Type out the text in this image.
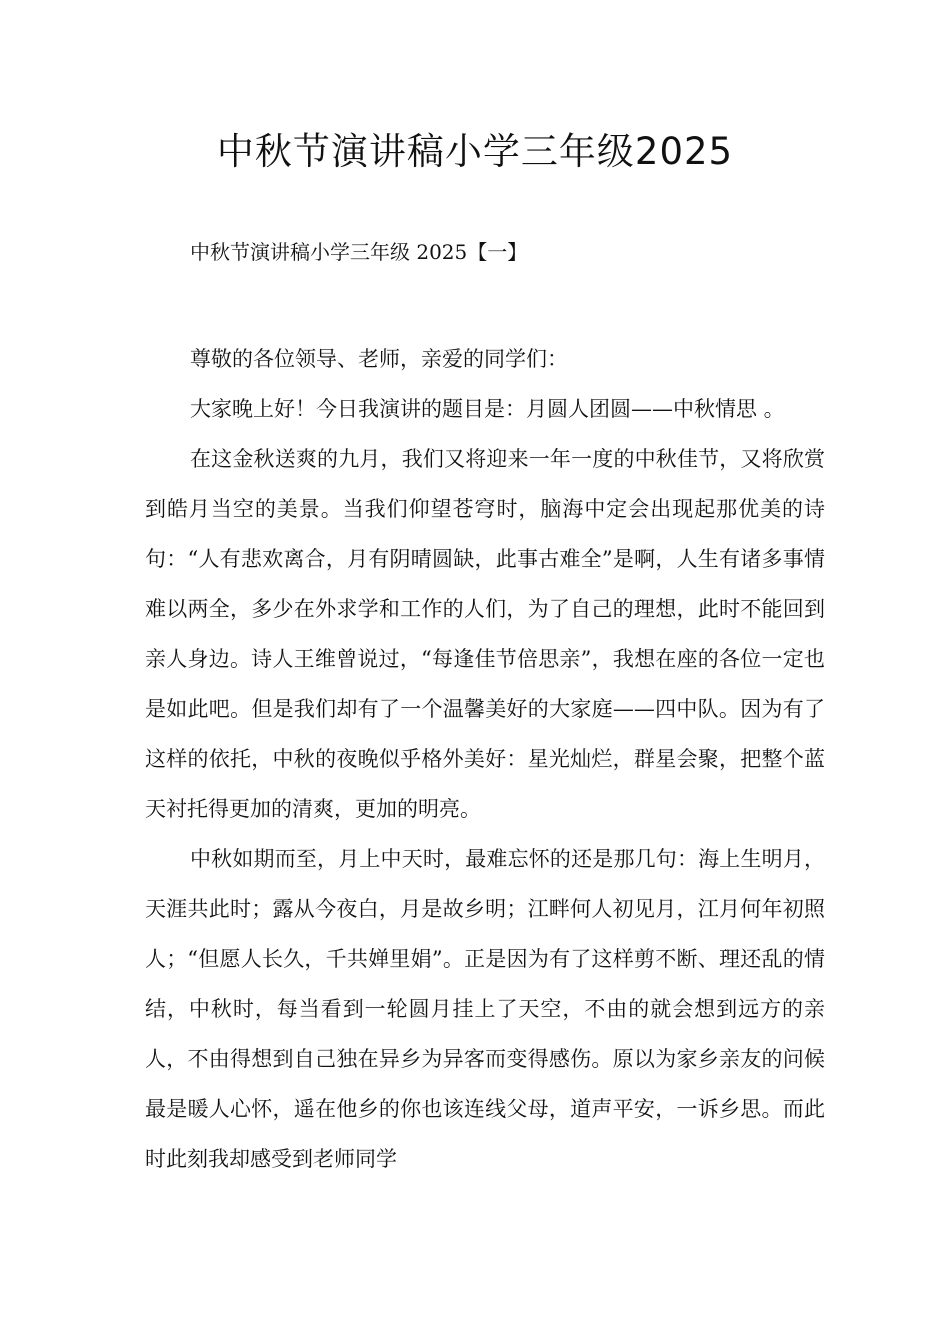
中秋节演讲稿小学三年级2025

中秋节演讲稿小学三年级 2025【一】

尊敬的各位领导、老师，亲爱的同学们：

大家晚上好！今日我演讲的题目是：月圆人团圆——中秋情思 。

在这金秋送爽的九月，我们又将迎来一年一度的中秋佳节，又将欣赏到皓月当空的美景。当我们仰望苍穹时，脑海中定会出现起那优美的诗句：“人有悲欢离合，月有阴晴圆缺，此事古难全”是啊，人生有诸多事情难以两全，多少在外求学和工作的人们，为了自己的理想，此时不能回到亲人身边。诗人王维曾说过，“每逢佳节倍思亲”，我想在座的各位一定也是如此吧。但是我们却有了一个温馨美好的大家庭——四中队。因为有了这样的依托，中秋的夜晚似乎格外美好：星光灿烂，群星会聚，把整个蓝天衬托得更加的清爽，更加的明亮。

中秋如期而至，月上中天时，最难忘怀的还是那几句：海上生明月，天涯共此时；露从今夜白，月是故乡明；江畔何人初见月，江月何年初照人；“但愿人长久，千共婵里娟”。正是因为有了这样剪不断、理还乱的情结，中秋时，每当看到一轮圆月挂上了天空，不由的就会想到远方的亲人，不由得想到自己独在异乡为异客而变得感伤。原以为家乡亲友的问候最是暖人心怀，遥在他乡的你也该连线父母，道声平安，一诉乡思。而此时此刻我却感受到老师同学
